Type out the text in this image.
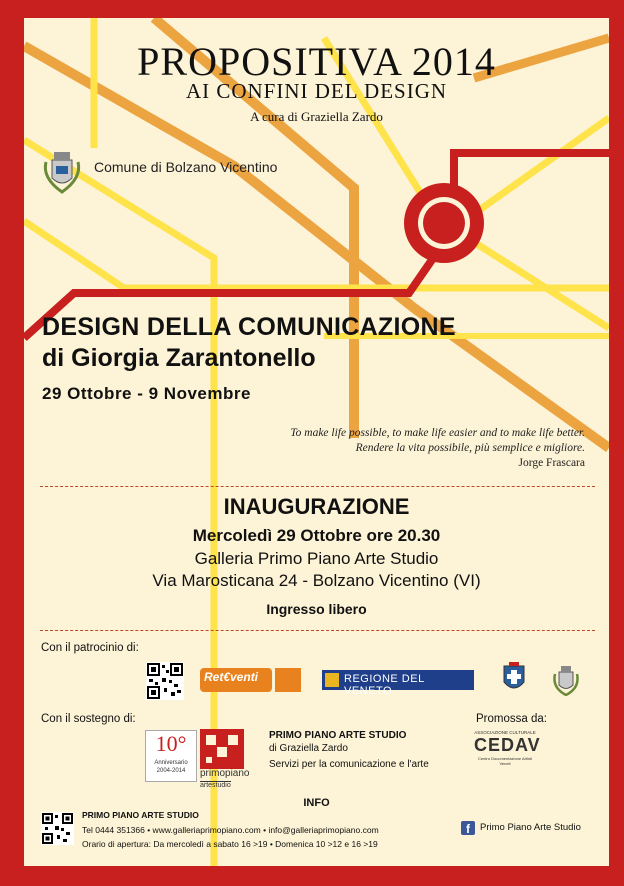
PROPOSITIVA 2014
AI CONFINI DEL DESIGN
A cura di Graziella Zardo
Comune di Bolzano Vicentino
DESIGN DELLA COMUNICAZIONE
di Giorgia Zarantonello
29 Ottobre - 9 Novembre
To make life possible, to make life easier and to make life better.
Rendere la vita possibile, più semplice e migliore.
Jorge Frascara
INAUGURAZIONE
Mercoledì 29 Ottobre ore 20.30
Galleria Primo Piano Arte Studio
Via Marosticana 24 - Bolzano Vicentino (VI)
Ingresso libero
Con il patrocinio di:
Ret€venti	REGIONE DEL VENETO
Con il sostegno di:	Promossa da:
10°
Anniversario
2004-2014	primopiano
artestudio
PRIMO PIANO ARTE STUDIO
di Graziella Zardo
Servizi per la comunicazione e l'arte
ASSOCIAZIONE CULTURALE
CEDAV
Centro Documentazione Artisti Veneti
INFO
PRIMO PIANO ARTE STUDIO
Tel 0444 351366 • www.galleriaprimopiano.com • info@galleriaprimopiano.com
Orario di apertura: Da mercoledì a sabato 16 >19 • Domenica 10 >12 e 16 >19
f	Primo Piano Arte Studio
